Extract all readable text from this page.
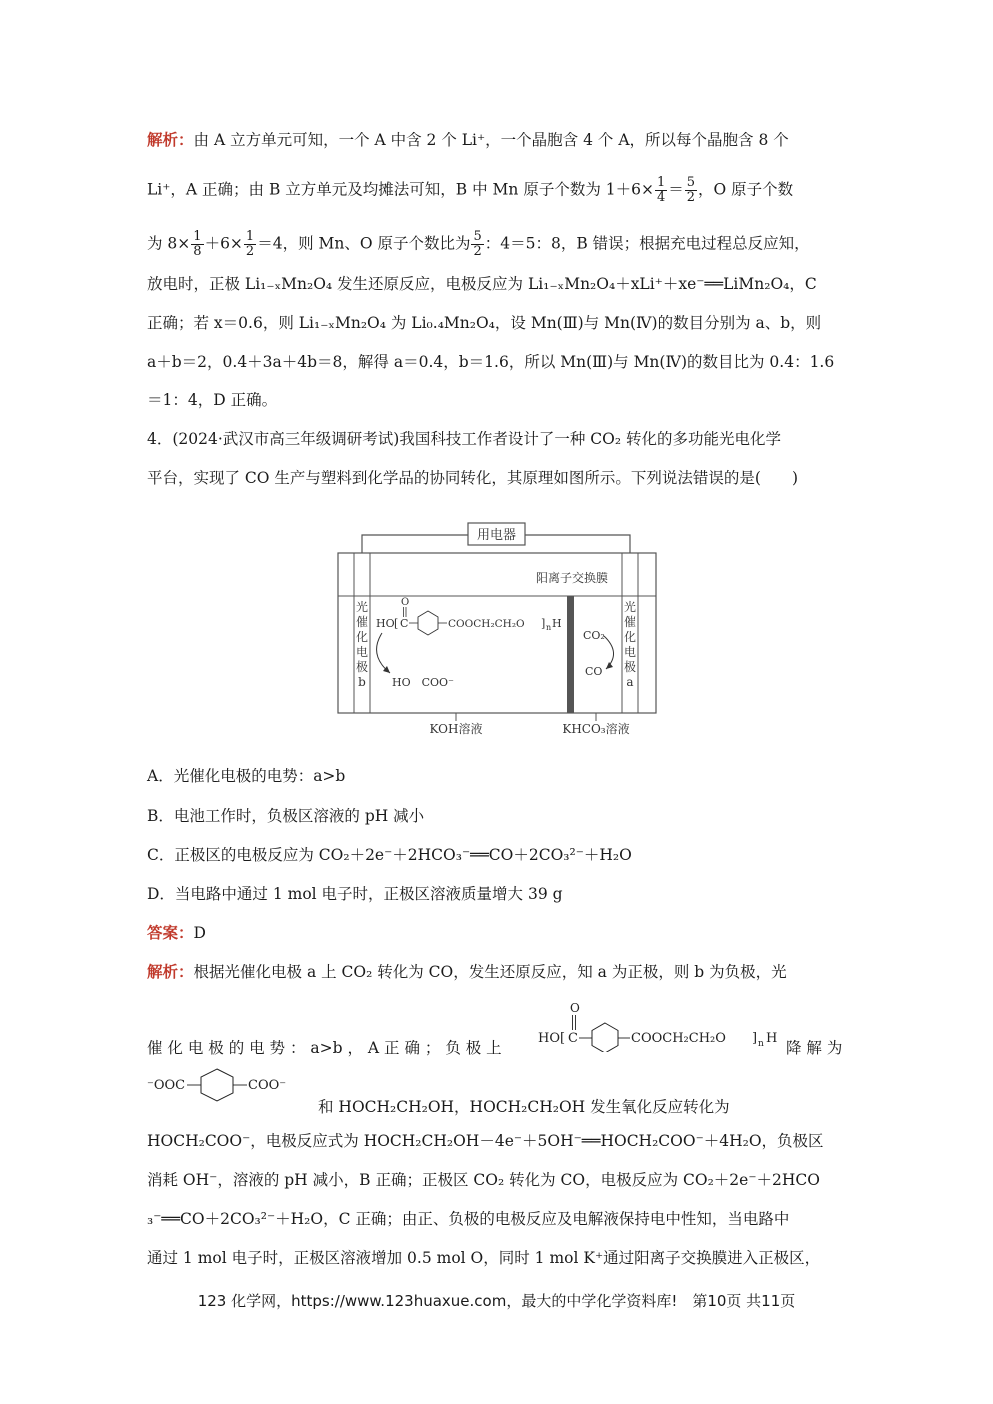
解析：由 A 立方单元可知，一个 A 中含 2 个 Li⁺，一个晶胞含 4 个 A，所以每个晶胞含 8 个
Li⁺，A 正确；由 B 立方单元及均摊法可知，B 中 Mn 原子个数为 $1+6\times \frac{1}{4} = \frac{5}{2}$ ，O 原子个数
为 $8\times \frac{1}{8} +6\times \frac{1}{2} =4$，则 Mn、O 原子个数比为 $\frac{5}{2}$ ：4＝5：8，B 错误；根据充电过程总反应知，
放电时，正极 Li₁₋ₓMn₂O₄ 发生还原反应，电极反应为 Li₁₋ₓMn₂O₄＋xLi⁺＋xe⁻══LiMn₂O₄，C
正确；若 x＝0.6，则 Li₁₋ₓMn₂O₄ 为 Li₀.₄Mn₂O₄，设 Mn(Ⅲ)与 Mn(Ⅳ)的数目分别为 a、b，则
a＋b＝2，0.4＋3a＋4b＝8，解得 a＝0.4，b＝1.6，所以 Mn(Ⅲ)与 Mn(Ⅳ)的数目比为 0.4：1.6
＝1：4，D 正确。
4．(2024·武汉市高三年级调研考试)我国科技工作者设计了一种 CO₂ 转化的多功能光电化学
平台，实现了 CO 生产与塑料到化学品的协同转化，其原理如图所示。下列说法错误的是(　　)
用电器
阳离子交换膜
光催化电极 b
光催化电极 a
HO [ C
O
COOCH₂CH₂O ] n H
HO　COO⁻
CO₂
CO
KOH溶液	KHCO₃溶液
A．光催化电极的电势：a>b
B．电池工作时，负极区溶液的 pH 减小
C．正极区的电极反应为 CO₂＋2e⁻＋2HCO₃⁻══CO＋2CO₃²⁻＋H₂O
D．当电路中通过 1 mol 电子时，正极区溶液质量增大 39 g
答案：D
解析：根据光催化电极 a 上 CO₂ 转化为 CO，发生还原反应，知 a 为正极，则 b 为负极，光
催 化 电 极 的 电 势 ： a>b ， A 正 确 ； 负 极 上
HO [ C
O
COOCH₂CH₂O ] n H
降 解 为
⁻OOC	COO⁻
和 HOCH₂CH₂OH，HOCH₂CH₂OH 发生氧化反应转化为
HOCH₂COO⁻，电极反应式为 HOCH₂CH₂OH－4e⁻＋5OH⁻══HOCH₂COO⁻＋4H₂O，负极区
消耗 OH⁻，溶液的 pH 减小，B 正确；正极区 CO₂ 转化为 CO，电极反应为 CO₂＋2e⁻＋2HCO
₃⁻══CO＋2CO₃²⁻＋H₂O，C 正确；由正、负极的电极反应及电解液保持电中性知，当电路中
通过 1 mol 电子时，正极区溶液增加 0.5 mol O，同时 1 mol K⁺通过阳离子交换膜进入正极区，
123 化学网，https://www.123huaxue.com，最大的中学化学资料库!　第10页 共11页
